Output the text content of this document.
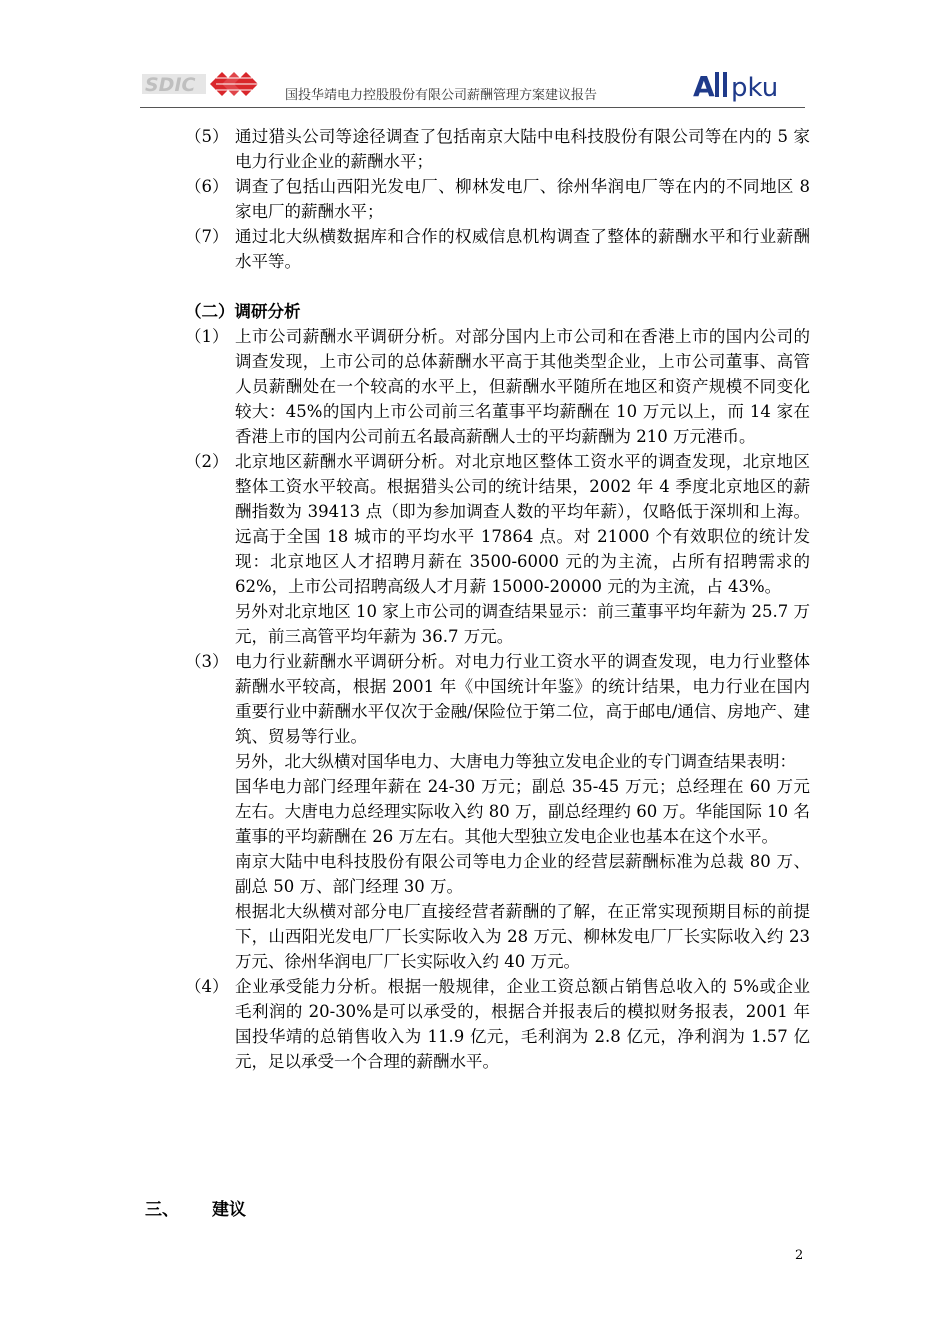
SDIC	国投华靖电力控股股份有限公司薪酬管理方案建议报告	A pku
（5） 通过猎头公司等途径调查了包括南京大陆中电科技股份有限公司等在内的 5 家电力行业企业的薪酬水平；
（6） 调查了包括山西阳光发电厂、柳林发电厂、徐州华润电厂等在内的不同地区 8 家电厂的薪酬水平；
（7） 通过北大纵横数据库和合作的权威信息机构调查了整体的薪酬水平和行业薪酬水平等。
（二）调研分析
（1） 上市公司薪酬水平调研分析。对部分国内上市公司和在香港上市的国内公司的调查发现，上市公司的总体薪酬水平高于其他类型企业，上市公司董事、高管人员薪酬处在一个较高的水平上，但薪酬水平随所在地区和资产规模不同变化较大：45%的国内上市公司前三名董事平均薪酬在 10 万元以上，而 14 家在香港上市的国内公司前五名最高薪酬人士的平均薪酬为 210 万元港币。
（2） 北京地区薪酬水平调研分析。对北京地区整体工资水平的调查发现，北京地区整体工资水平较高。根据猎头公司的统计结果，2002 年 4 季度北京地区的薪酬指数为 39413 点（即为参加调查人数的平均年薪），仅略低于深圳和上海。远高于全国 18 城市的平均水平 17864 点。对 21000 个有效职位的统计发现：北京地区人才招聘月薪在 3500-6000 元的为主流，占所有招聘需求的 62%，上市公司招聘高级人才月薪 15000-20000 元的为主流，占 43%。
另外对北京地区 10 家上市公司的调查结果显示：前三董事平均年薪为 25.7 万元，前三高管平均年薪为 36.7 万元。
（3） 电力行业薪酬水平调研分析。对电力行业工资水平的调查发现，电力行业整体薪酬水平较高，根据 2001 年《中国统计年鉴》的统计结果，电力行业在国内重要行业中薪酬水平仅次于金融/保险位于第二位，高于邮电/通信、房地产、建筑、贸易等行业。
另外，北大纵横对国华电力、大唐电力等独立发电企业的专门调查结果表明：
国华电力部门经理年薪在 24-30 万元；副总 35-45 万元；总经理在 60 万元左右。大唐电力总经理实际收入约 80 万，副总经理约 60 万。华能国际 10 名董事的平均薪酬在 26 万左右。其他大型独立发电企业也基本在这个水平。
南京大陆中电科技股份有限公司等电力企业的经营层薪酬标准为总裁 80 万、副总 50 万、部门经理 30 万。
根据北大纵横对部分电厂直接经营者薪酬的了解，在正常实现预期目标的前提下，山西阳光发电厂厂长实际收入为 28 万元、柳林发电厂厂长实际收入约 23 万元、徐州华润电厂厂长实际收入约 40 万元。
（4） 企业承受能力分析。根据一般规律，企业工资总额占销售总收入的 5%或企业毛利润的 20-30%是可以承受的，根据合并报表后的模拟财务报表，2001 年国投华靖的总销售收入为 11.9 亿元，毛利润为 2.8 亿元，净利润为 1.57 亿元，足以承受一个合理的薪酬水平。
三、 建议
2
